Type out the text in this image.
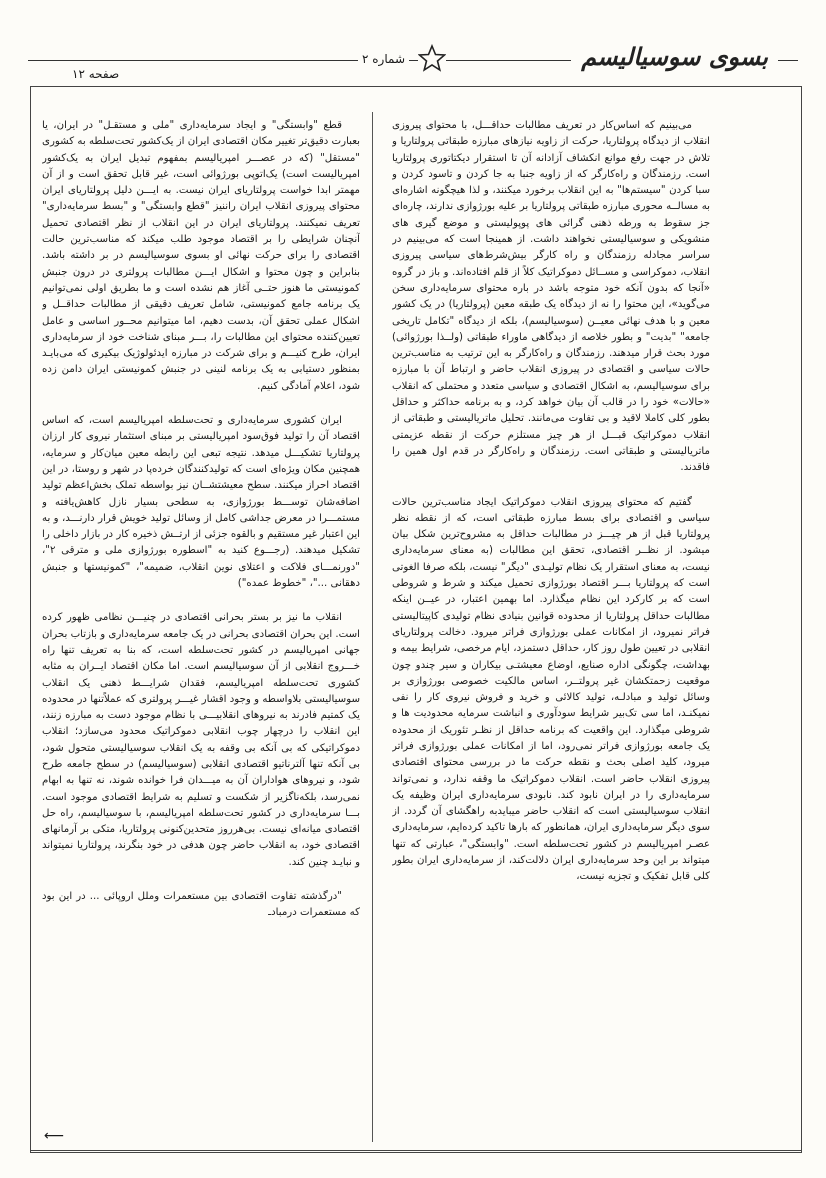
بسوی سوسیالیسم
شماره ۲
صفحه ۱۲

می‌بینیم که اساس‌کار در تعریف مطالبات حداقـــل، با محتوای پیروزی انقلاب از دیدگاه پرولتاریا، حرکت از زاویه نیازهای مبارزه طبقاتی پرولتاریا و تلاش در جهت رفع موانع انکشاف آزادانه آن تا استقرار دیکتاتوری پرولتاریا است. رزمندگان و راه‌کارگر که از زاویه جنبا به جا کردن و تاسود کردن و سبا کردن "سیستم‌ها" به این انقلاب برخورد میکنند، و لذا هیچگونه اشاره‌ای به مسالــه محوری مبارزه طبقاتی پرولتاریا بر علیه بورژوازی ندارند، چاره‌ای جز سقوط به ورطه ذهنی گرائی های پوپولیستی و موضع گیری های منشویکی و سوسیالیستی نخواهند داشت. از همینجا است که می‌بینیم در سراسر مجادله رزمندگان و راه کارگر بیش‌شرط‌های سیاسی پیروزی انقلاب، دموکراسی و مســائل دموکراتیک کلاً از قلم افتاده‌اند. و باز در گروه «آنجا که بدون آنکه خود متوجه باشد در باره محتوای سرمایه‌داری سخن می‌گوید»، این محتوا را نه از دیدگاه یک طبقه معین (پرولتاریا) در یک کشور معین و با هدف نهائی معیــن (سوسیالیسم)، بلکه از دیدگاه "تکامل تاریخی جامعه" "بدیت" و بطور خلاصه از دیدگاهی ماوراء طبقاتی (ولــذا بورژوائی) مورد بحث قرار میدهند. رزمندگان و راه‌کارگر به این ترتیب به مناسب‌ترین حالات سیاسی و اقتصادی در پیروزی انقلاب حاضر و ارتباط آن با مبارزه برای سوسیالیسم، به اشکال اقتصادی و سیاسی متعدد و محتملی که انقلاب «حالات» خود را در قالب آن بیان خواهد کرد، و به برنامه حداکثر و حداقل بطور کلی کاملا لاقید و بی تفاوت می‌مانند. تحلیل ماتریالیستی و طبقاتی از انقلاب دموکراتیک قبـــل از هر چیز مستلزم حرکت از نقطه عزیمتی ماتریالیستی و طبقاتی است. رزمندگان و راه‌کارگر در قدم اول همین را فاقدند.

گفتیم که محتوای پیروزی انقلاب دموکراتیک ایجاد مناسب‌ترین حالات سیاسی و اقتصادی برای بسط مبارزه طبقاتی است، که از نقطه نظر پرولتاریا قبل از هر چیـــز در مطالبات حداقل به مشروح‌ترین شکل بیان میشود. از نظــر اقتصادی، تحقق این مطالبات (به معنای سرمایه‌داری نیست، به معنای استقرار یک نظام تولیـدی "دیگر" نیست، بلکه صرفا الغوتی است که پرولتاریا بـــر اقتصاد بورژوازی تحمیل میکند و شرط و شروطی است که بر کارکرد این نظام میگذارد. اما بهمین اعتبار، در عیــن اینکه مطالبات حداقل پرولتاریا از محدوده قوانین بنیادی نظام تولیدی کاپیتالیستی فراتر نمیرود، از امکانات عملی بورژوازی فراتر میرود. دخالت پرولتاریای انقلابی در تعیین طول روز کار، حداقل دستمزد، ایام مرخصی، شرایط بیمه و بهداشت، چگونگی اداره صنایع، اوضاع معیشتـی بیکاران و سیر چندو چون موقعیت زحمتکشان غیر پرولتــر، اساس مالکیت خصوصی بورژوازی بر وسائل تولید و مبادلـه، تولید کالائی و خرید و فروش نیروی کار را نفی نمیکنـد، اما سی تک‌بیر شرایط سودآوری و انباشت سرمایه محدودیت ها و شروطی میگذارد. این واقعیت که برنامه حداقل از نظـر تئوریک از محدوده یک جامعه بورژوازی فراتر نمی‌رود، اما از امکانات عملی بورژوازی فراتر میرود، کلید اصلی بحث و نقطه حرکت ما در بررسی محتوای اقتصادی پیروزی انقلاب حاضر است. انقلاب دموکراتیک ما وقفه ندارد، و نمی‌تواند سرمایه‌داری را در ایران نابود کند. نابودی سرمایه‌داری ایران وظیفه یک انقلاب سوسیالیستی است که انقلاب حاضر میبایدبه راهگشای آن گردد. از سوی دیگر سرمایه‌داری ایران، همانطور که بارها تاکید کرده‌ایم، سرمایه‌داری عصـر امپریالیسم در کشور تحت‌سلطه است. "وابستگی"، عبارتی که تنها میتواند بر این وحد سرمایه‌داری ایران دلالت‌کند، از سرمایه‌داری ایران بطور کلی قابل تفکیک و تجزیه نیست،

قطع "وابستگی" و ایجاد سرمایه‌داری "ملی و مستقـل" در ایران، یا بعبارت دقیق‌تر تغییر مکان اقتصادی ایران از یک‌کشور تحت‌سلطه به کشوری "مستقل" (که در عصـــر امپریالیسم بمفهوم تبدیل ایران به یک‌کشور امپریالیست است) یک‌اتوپی بورژوائی است، غیر قابل تحقق است و از آن مهمتر ابدا خواست پرولتاریای ایران نیست. به ایـــن دلیل پرولتاریای ایران محتوای پیروزی انقلاب ایران راننیز "قطع وابستگی" و "بسط سرمایه‌داری" تعریف نمیکنند. پرولتاریای ایران در این انقلاب از نظر اقتصادی تحمیل آنچنان شرایطی را بر اقتصاد موجود طلب میکند که مناسب‌ترین حالت اقتصادی را برای حرکت نهائی او بسوی سوسیالیسم در بر داشته باشد. بنابراین و چون محتوا و اشکال ایـــن مطالبات پرولتری در درون جنبش کمونیستی ما هنوز حتــی آغاز هم نشده است و ما بطریق اولی نمی‌توانیم یک برنامه جامع کمونیستی، شامل تعریف دقیقی از مطالبات حداقــل و اشکال عملی تحقق آن، بدست دهیم، اما میتوانیم محــور اساسی و عامل تعیین‌کننده محتوای این مطالبات را، بـــر مبنای شناخت خود از سرمایه‌داری ایران، طرح کنیـــم و برای شرکت در مبارزه ایدئولوژیک بیکیری که می‌بایـد بمنظور دستیابی به یک برنامه لنینی در جنبش کمونیستی ایران دامن زده شود، اعلام آمادگی کنیم.

ایران کشوری سرمایه‌داری و تحت‌سلطه امپریالیسم است، که اساس اقتصاد آن را تولید فوق‌سود امپریالیستی بر مبنای استثمار نیروی کار ارزان پرولتاریا تشکیـــل میدهد. نتیجه تبعی این رابطه معین میان‌کار و سرمایه، همچنین مکان ویژه‌ای است که تولیدکنندگان خرده‌پا در شهر و روستا، در این اقتصاد احراز میکنند. سطح معیشتشــان نیز بواسطه تملک بخش‌اعظم تولید اضافه‌شان توســـط بورژوازی، به سطحی بسیار نازل کاهش‌یافته و مستمـــرا در معرض جداشی کامل از وسائل تولید خویش قرار دارنـــد، و به این اعتبار غیر مستقیم و بالقوه جزئی از ارتــش ذخیره کار در بازار داخلی را تشکیل میدهند. (رجـــوع کنید به "اسطوره بورژوازی ملی و مترقی ۲"، "دورنمـــای فلاکت و اعتلای نوین انقلاب، ضمیمه"، "کمونیستها و جنبش دهقانی ..."، "خطوط عمده")

انقلاب ما نیز بر بستر بحرانی اقتصادی در چنیـــن نظامی ظهور کرده است. این بحران اقتصادی بحرانی در یک جامعه سرمایه‌داری و بازتاب بحران جهانی امپریالیسم در کشور تحت‌سلطه است، که بنا به تعریف تنها راه خـــروج انقلابی از آن سوسیالیسم است. اما مکان اقتصاد ایــران به مثابه کشوری تحت‌سلطه امپریالیسم، فقدان شرایـــط ذهنی یک انقلاب سوسیالیستی بلاواسطه و وجود اقشار غیـــر پرولتری که عملاًتنها در محدوده یک کمتیم فادرند به نیروهای انقلابیـــی با نظام موجود دست به مبارزه زنند، این انقلاب را درچهار چوب انقلابی دموکراتیک محدود می‌سازد؛ انقلاب دموکراتیکی که بی آنکه بی وقفه به یک انقلاب سوسیالیستی متحول شود، بی آنکه تنها آلترناتیو اقتصادی انقلابی (سوسیالیسم) در سطح جامعه طرح شود، و نیروهای هواداران آن به میـــدان فرا خوانده شوند، نه تنها به ابهام نمی‌رسد، بلکه‌ناگزیر از شکست و تسلیم به شرایط اقتصادی موجود است. بـــا سرمایه‌داری در کشور تحت‌سلطه امپریالیسم، با سوسیالیسم، راه حل اقتصادی میانه‌ای نیست. بی‌هرروز متحدین‌کنونی پرولتاریا، متکی بر آرمانهای اقتصادی خود، به انقلاب حاضر چون هدفی در خود بنگرند، پرولتاریا نمیتواند و نبایـد چنین کند.

"درگذشته تفاوت اقتصادی بین مستعمرات وملل اروپائی ... در این بود که مستعمرات درمبادـ

⟵
